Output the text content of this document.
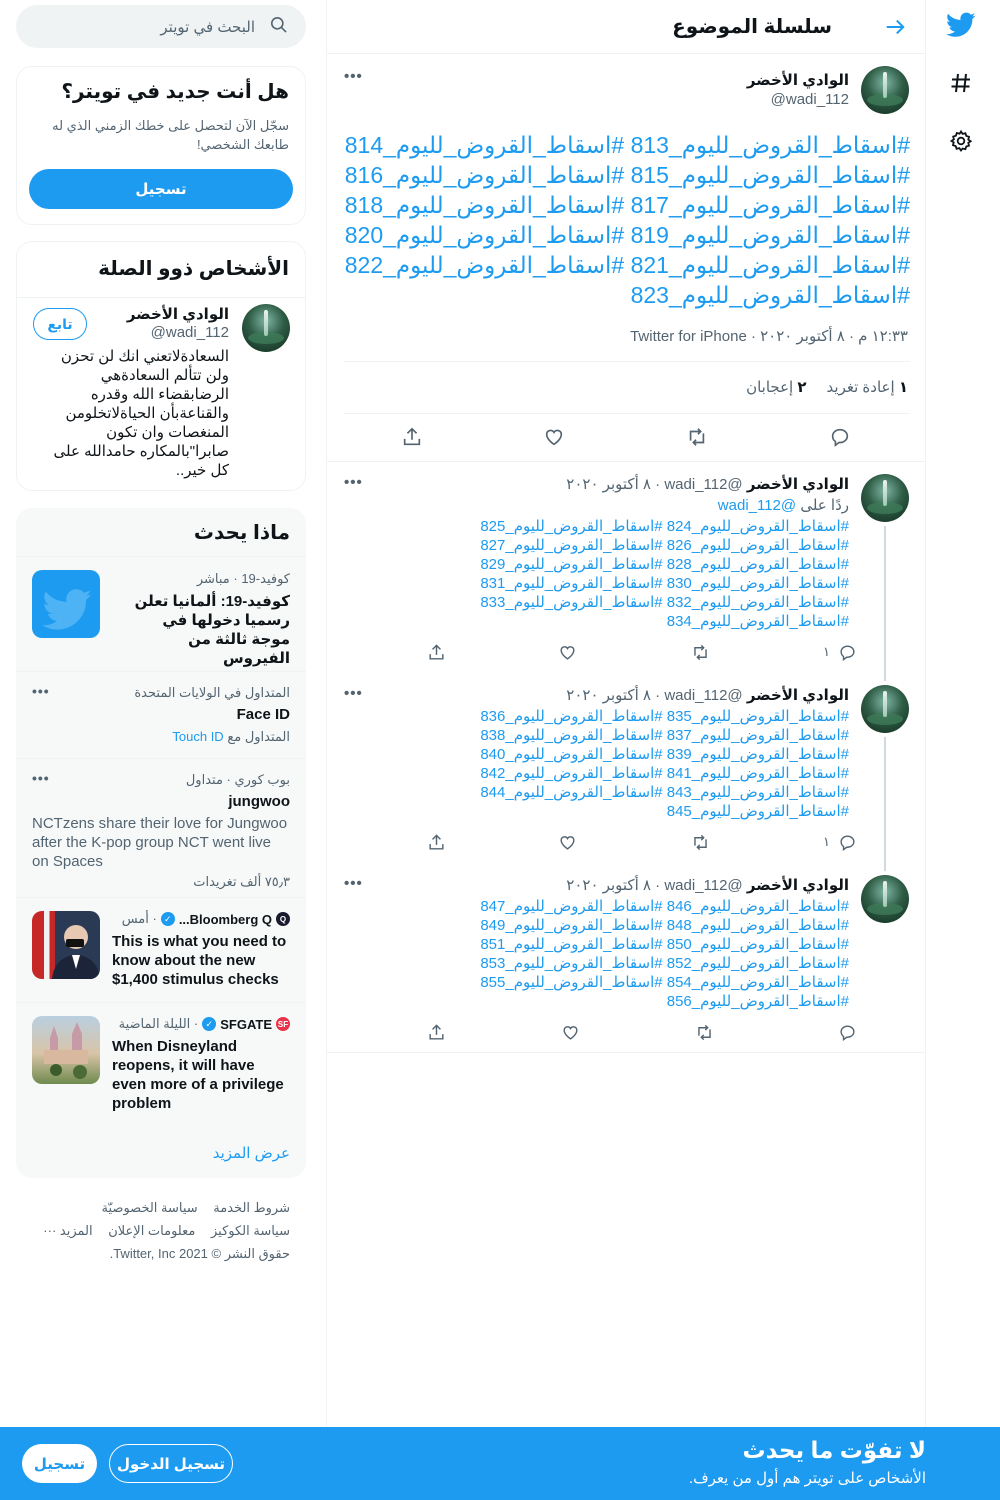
سلسلة الموضوع
الوادي الأخضر
@wadi_112
•••
#اسقاط_القروض_لليوم_813 #اسقاط_القروض_لليوم_814 #اسقاط_القروض_لليوم_815 #اسقاط_القروض_لليوم_816 #اسقاط_القروض_لليوم_817 #اسقاط_القروض_لليوم_818 #اسقاط_القروض_لليوم_819 #اسقاط_القروض_لليوم_820 #اسقاط_القروض_لليوم_821 #اسقاط_القروض_لليوم_822 #اسقاط_القروض_لليوم_823
١٢:٣٣ م · ٨ أكتوبر ٢٠٢٠ · Twitter for iPhone
١ إعادة تغريد
٢ إعجابان
الوادي الأخضر @wadi_112 · ٨ أكتوبر ٢٠٢٠
•••
ردًا على @wadi_112
#اسقاط_القروض_لليوم_824 #اسقاط_القروض_لليوم_825 #اسقاط_القروض_لليوم_826 #اسقاط_القروض_لليوم_827 #اسقاط_القروض_لليوم_828 #اسقاط_القروض_لليوم_829 #اسقاط_القروض_لليوم_830 #اسقاط_القروض_لليوم_831 #اسقاط_القروض_لليوم_832 #اسقاط_القروض_لليوم_833 #اسقاط_القروض_لليوم_834
١
الوادي الأخضر @wadi_112 · ٨ أكتوبر ٢٠٢٠
•••
#اسقاط_القروض_لليوم_835 #اسقاط_القروض_لليوم_836 #اسقاط_القروض_لليوم_837 #اسقاط_القروض_لليوم_838 #اسقاط_القروض_لليوم_839 #اسقاط_القروض_لليوم_840 #اسقاط_القروض_لليوم_841 #اسقاط_القروض_لليوم_842 #اسقاط_القروض_لليوم_843 #اسقاط_القروض_لليوم_844 #اسقاط_القروض_لليوم_845
١
الوادي الأخضر @wadi_112 · ٨ أكتوبر ٢٠٢٠
•••
#اسقاط_القروض_لليوم_846 #اسقاط_القروض_لليوم_847 #اسقاط_القروض_لليوم_848 #اسقاط_القروض_لليوم_849 #اسقاط_القروض_لليوم_850 #اسقاط_القروض_لليوم_851 #اسقاط_القروض_لليوم_852 #اسقاط_القروض_لليوم_853 #اسقاط_القروض_لليوم_854 #اسقاط_القروض_لليوم_855 #اسقاط_القروض_لليوم_856
البحث في تويتر
هل أنت جديد في تويتر؟

سجّل الآن لتحصل على خطك الزمني الذي له طابعك الشخصي!

تسجيل
الأشخاص ذوو الصلة
الوادي الأخضر
@wadi_112
السعادةلاتعني انك لن تحزن ولن تتألم السعادةهي الرضابقضاء الله وقدره والقناعةبأن الحياةلاتخلومن المنغصات وان تكون صابرا"بالمكاره حامدالله على كل خير..
تابع
ماذا يحدث
كوفيد-19 · مباشر
كوفيد-19: ألمانيا تعلن رسميا دخولها في موجة ثالثة من الفيروس
المتداول في الولايات المتحدة
Face ID
المتداول مع Touch ID
•••
بوب كوري · متداول
jungwoo
NCTzens share their love for Jungwoo after the K-pop group NCT went live on Spaces
٧٥٫٣ ألف تغريدات
•••
Q
Bloomberg Q...
✓
· أمس
This is what you need to know about the new $1,400 stimulus checks
SF
SFGATE
✓
· الليلة الماضية
When Disneyland reopens, it will have even more of a privilege problem
عرض المزيد
شروط الخدمة سياسة الخصوصيّة
سياسة الكوكيز معلومات الإعلان المزيد ···
حقوق النشر © 2021 Twitter, Inc.
لا تفوّت ما يحدث
الأشخاص على تويتر هم أول من يعرف.
تسجيل الدخول
تسجيل
